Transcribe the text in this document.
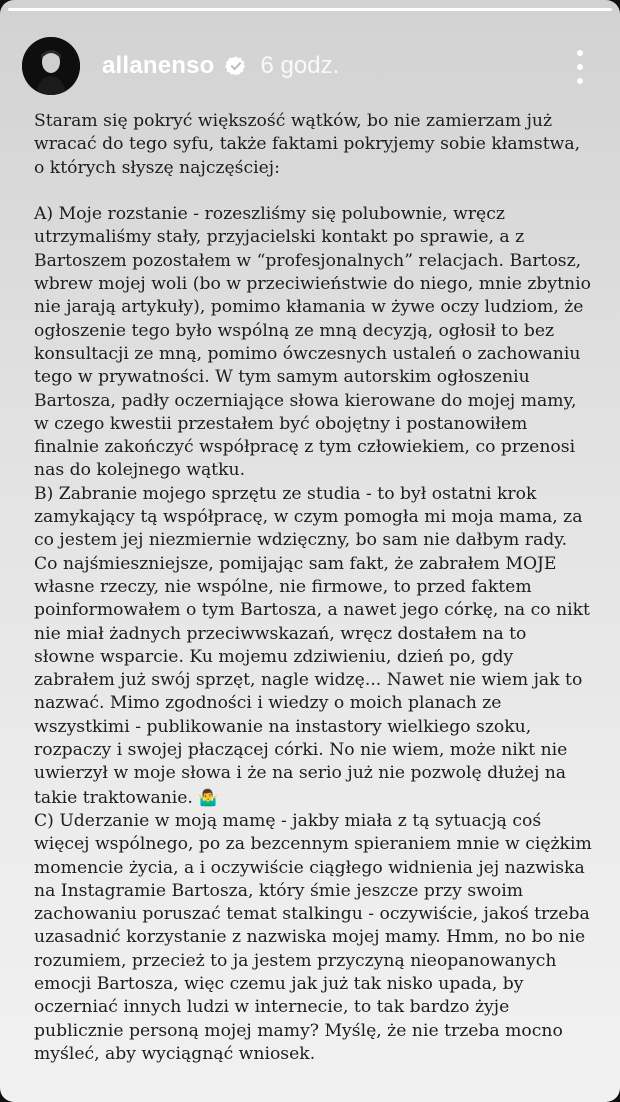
allanenso 6 godz.

Staram się pokryć większość wątków, bo nie zamierzam już wracać do tego syfu, także faktami pokryjemy sobie kłamstwa, o których słyszę najczęściej:

A) Moje rozstanie - rozeszliśmy się polubownie, wręcz utrzymaliśmy stały, przyjacielski kontakt po sprawie, a z Bartoszem pozostałem w “profesjonalnych” relacjach. Bartosz, wbrew mojej woli (bo w przeciwieństwie do niego, mnie zbytnio nie jarają artykuły), pomimo kłamania w żywe oczy ludziom, że ogłoszenie tego było wspólną ze mną decyzją, ogłosił to bez konsultacji ze mną, pomimo ówczesnych ustaleń o zachowaniu tego w prywatności. W tym samym autorskim ogłoszeniu Bartosza, padły oczerniające słowa kierowane do mojej mamy, w czego kwestii przestałem być obojętny i postanowiłem finalnie zakończyć współpracę z tym człowiekiem, co przenosi nas do kolejnego wątku.

B) Zabranie mojego sprzętu ze studia - to był ostatni krok zamykający tą współpracę, w czym pomogła mi moja mama, za co jestem jej niezmiernie wdzięczny, bo sam nie dałbym rady. Co najśmieszniejsze, pomijając sam fakt, że zabrałem MOJE własne rzeczy, nie wspólne, nie firmowe, to przed faktem poinformowałem o tym Bartosza, a nawet jego córkę, na co nikt nie miał żadnych przeciwwskazań, wręcz dostałem na to słowne wsparcie. Ku mojemu zdziwieniu, dzień po, gdy zabrałem już swój sprzęt, nagle widzę... Nawet nie wiem jak to nazwać. Mimo zgodności i wiedzy o moich planach ze wszystkimi - publikowanie na instastory wielkiego szoku, rozpaczy i swojej płaczącej córki. No nie wiem, może nikt nie uwierzył w moje słowa i że na serio już nie pozwolę dłużej na takie traktowanie. 🤷‍♂️

C) Uderzanie w moją mamę - jakby miała z tą sytuacją coś więcej wspólnego, po za bezcennym spieraniem mnie w ciężkim momencie życia, a i oczywiście ciągłego widnienia jej nazwiska na Instagramie Bartosza, który śmie jeszcze przy swoim zachowaniu poruszać temat stalkingu - oczywiście, jakoś trzeba uzasadnić korzystanie z nazwiska mojej mamy. Hmm, no bo nie rozumiem, przecież to ja jestem przyczyną nieopanowanych emocji Bartosza, więc czemu jak już tak nisko upada, by oczerniać innych ludzi w internecie, to tak bardzo żyje publicznie personą mojej mamy? Myślę, że nie trzeba mocno myśleć, aby wyciągnąć wniosek.
